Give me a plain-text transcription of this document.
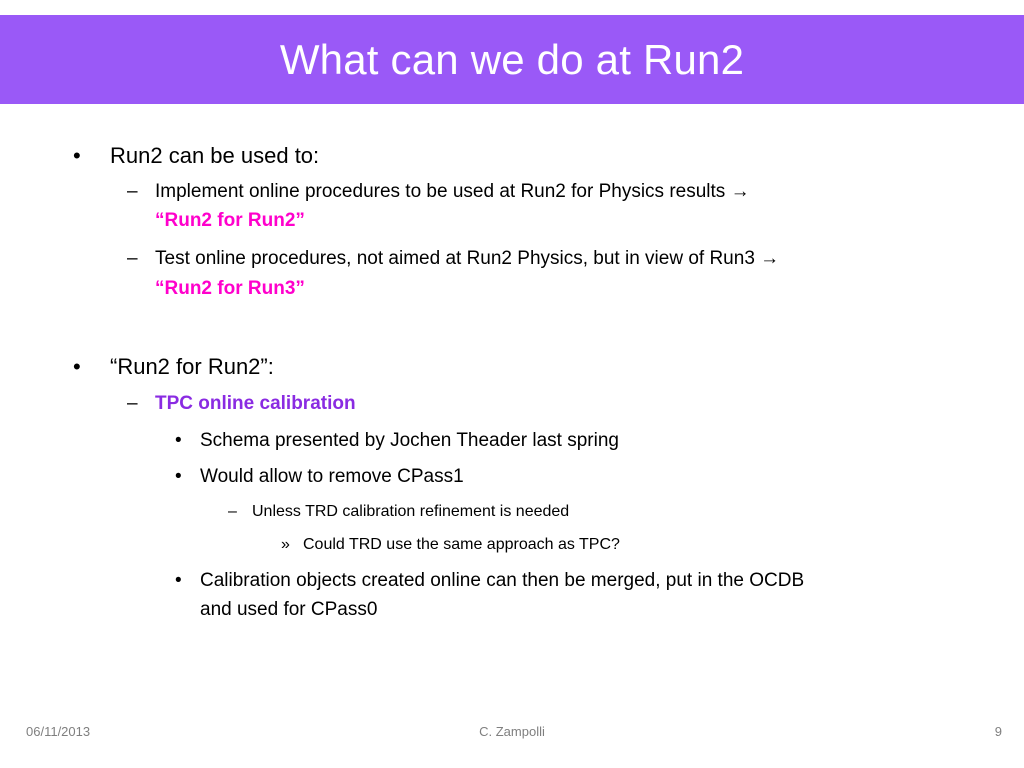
What can we do at Run2
• Run2 can be used to:
– Implement online procedures to be used at Run2 for Physics results →
“Run2 for Run2”
– Test online procedures, not aimed at Run2 Physics, but in view of Run3 →
“Run2 for Run3”
• “Run2 for Run2”:
– TPC online calibration
• Schema presented by Jochen Theader last spring
• Would allow to remove CPass1
– Unless TRD calibration refinement is needed
» Could TRD use the same approach as TPC?
• Calibration objects created online can then be merged, put in the OCDB
and used for CPass0
06/11/2013	C. Zampolli	9
